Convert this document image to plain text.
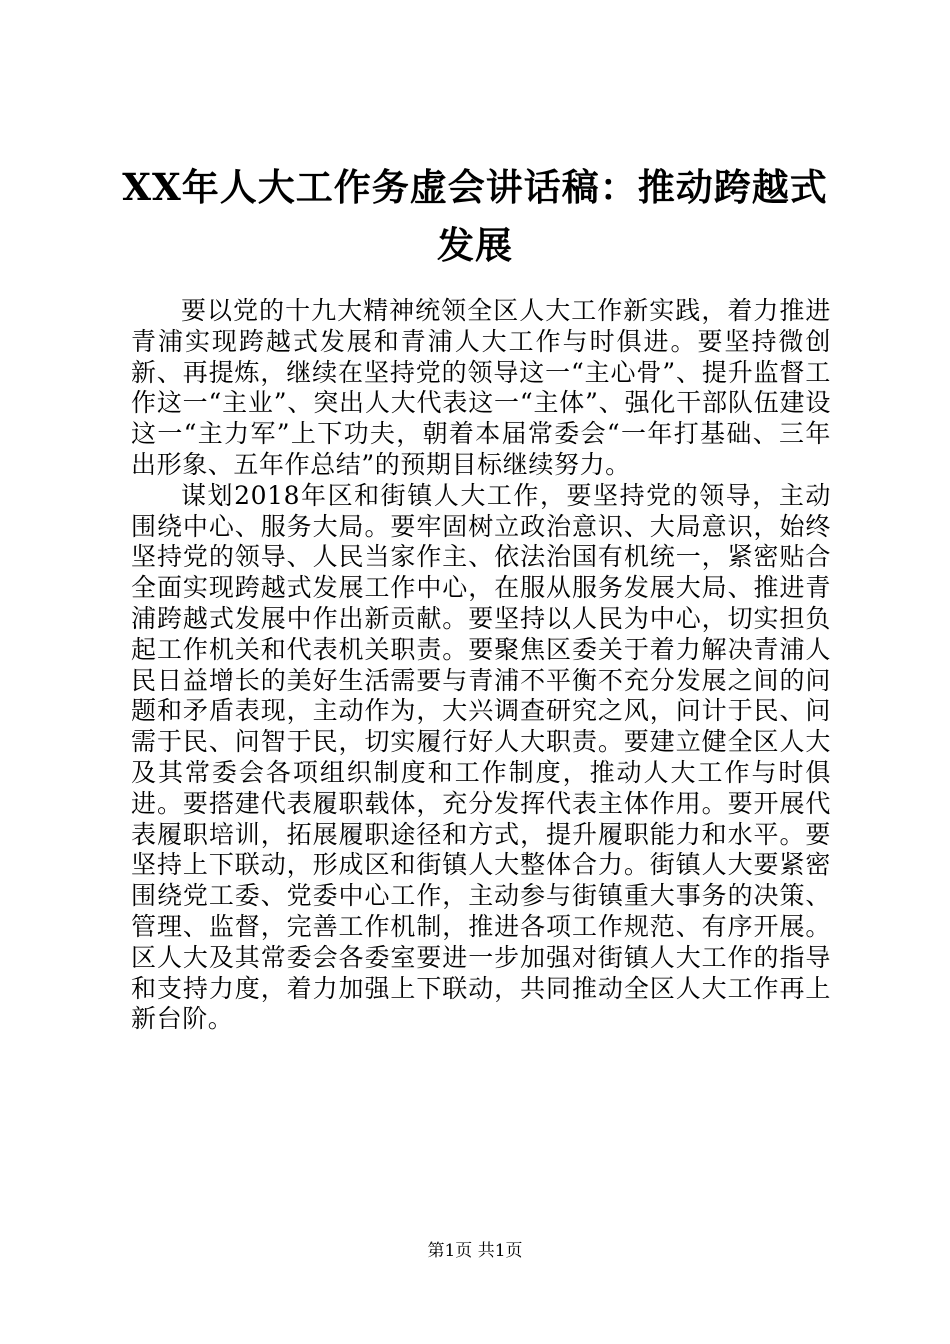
XX年人大工作务虚会讲话稿：推动跨越式发展

要以党的十九大精神统领全区人大工作新实践，着力推进青浦实现跨越式发展和青浦人大工作与时俱进。要坚持微创新、再提炼，继续在坚持党的领导这一“主心骨”、提升监督工作这一“主业”、突出人大代表这一“主体”、强化干部队伍建设这一“主力军”上下功夫，朝着本届常委会“一年打基础、三年出形象、五年作总结”的预期目标继续努力。

谋划2018年区和街镇人大工作，要坚持党的领导，主动围绕中心、服务大局。要牢固树立政治意识、大局意识，始终坚持党的领导、人民当家作主、依法治国有机统一，紧密贴合全面实现跨越式发展工作中心，在服从服务发展大局、推进青浦跨越式发展中作出新贡献。要坚持以人民为中心，切实担负起工作机关和代表机关职责。要聚焦区委关于着力解决青浦人民日益增长的美好生活需要与青浦不平衡不充分发展之间的问题和矛盾表现，主动作为，大兴调查研究之风，问计于民、问需于民、问智于民，切实履行好人大职责。要建立健全区人大及其常委会各项组织制度和工作制度，推动人大工作与时俱进。要搭建代表履职载体，充分发挥代表主体作用。要开展代表履职培训，拓展履职途径和方式，提升履职能力和水平。要坚持上下联动，形成区和街镇人大整体合力。街镇人大要紧密围绕党工委、党委中心工作，主动参与街镇重大事务的决策、管理、监督，完善工作机制，推进各项工作规范、有序开展。区人大及其常委会各委室要进一步加强对街镇人大工作的指导和支持力度，着力加强上下联动，共同推动全区人大工作再上新台阶。

第1页 共1页
